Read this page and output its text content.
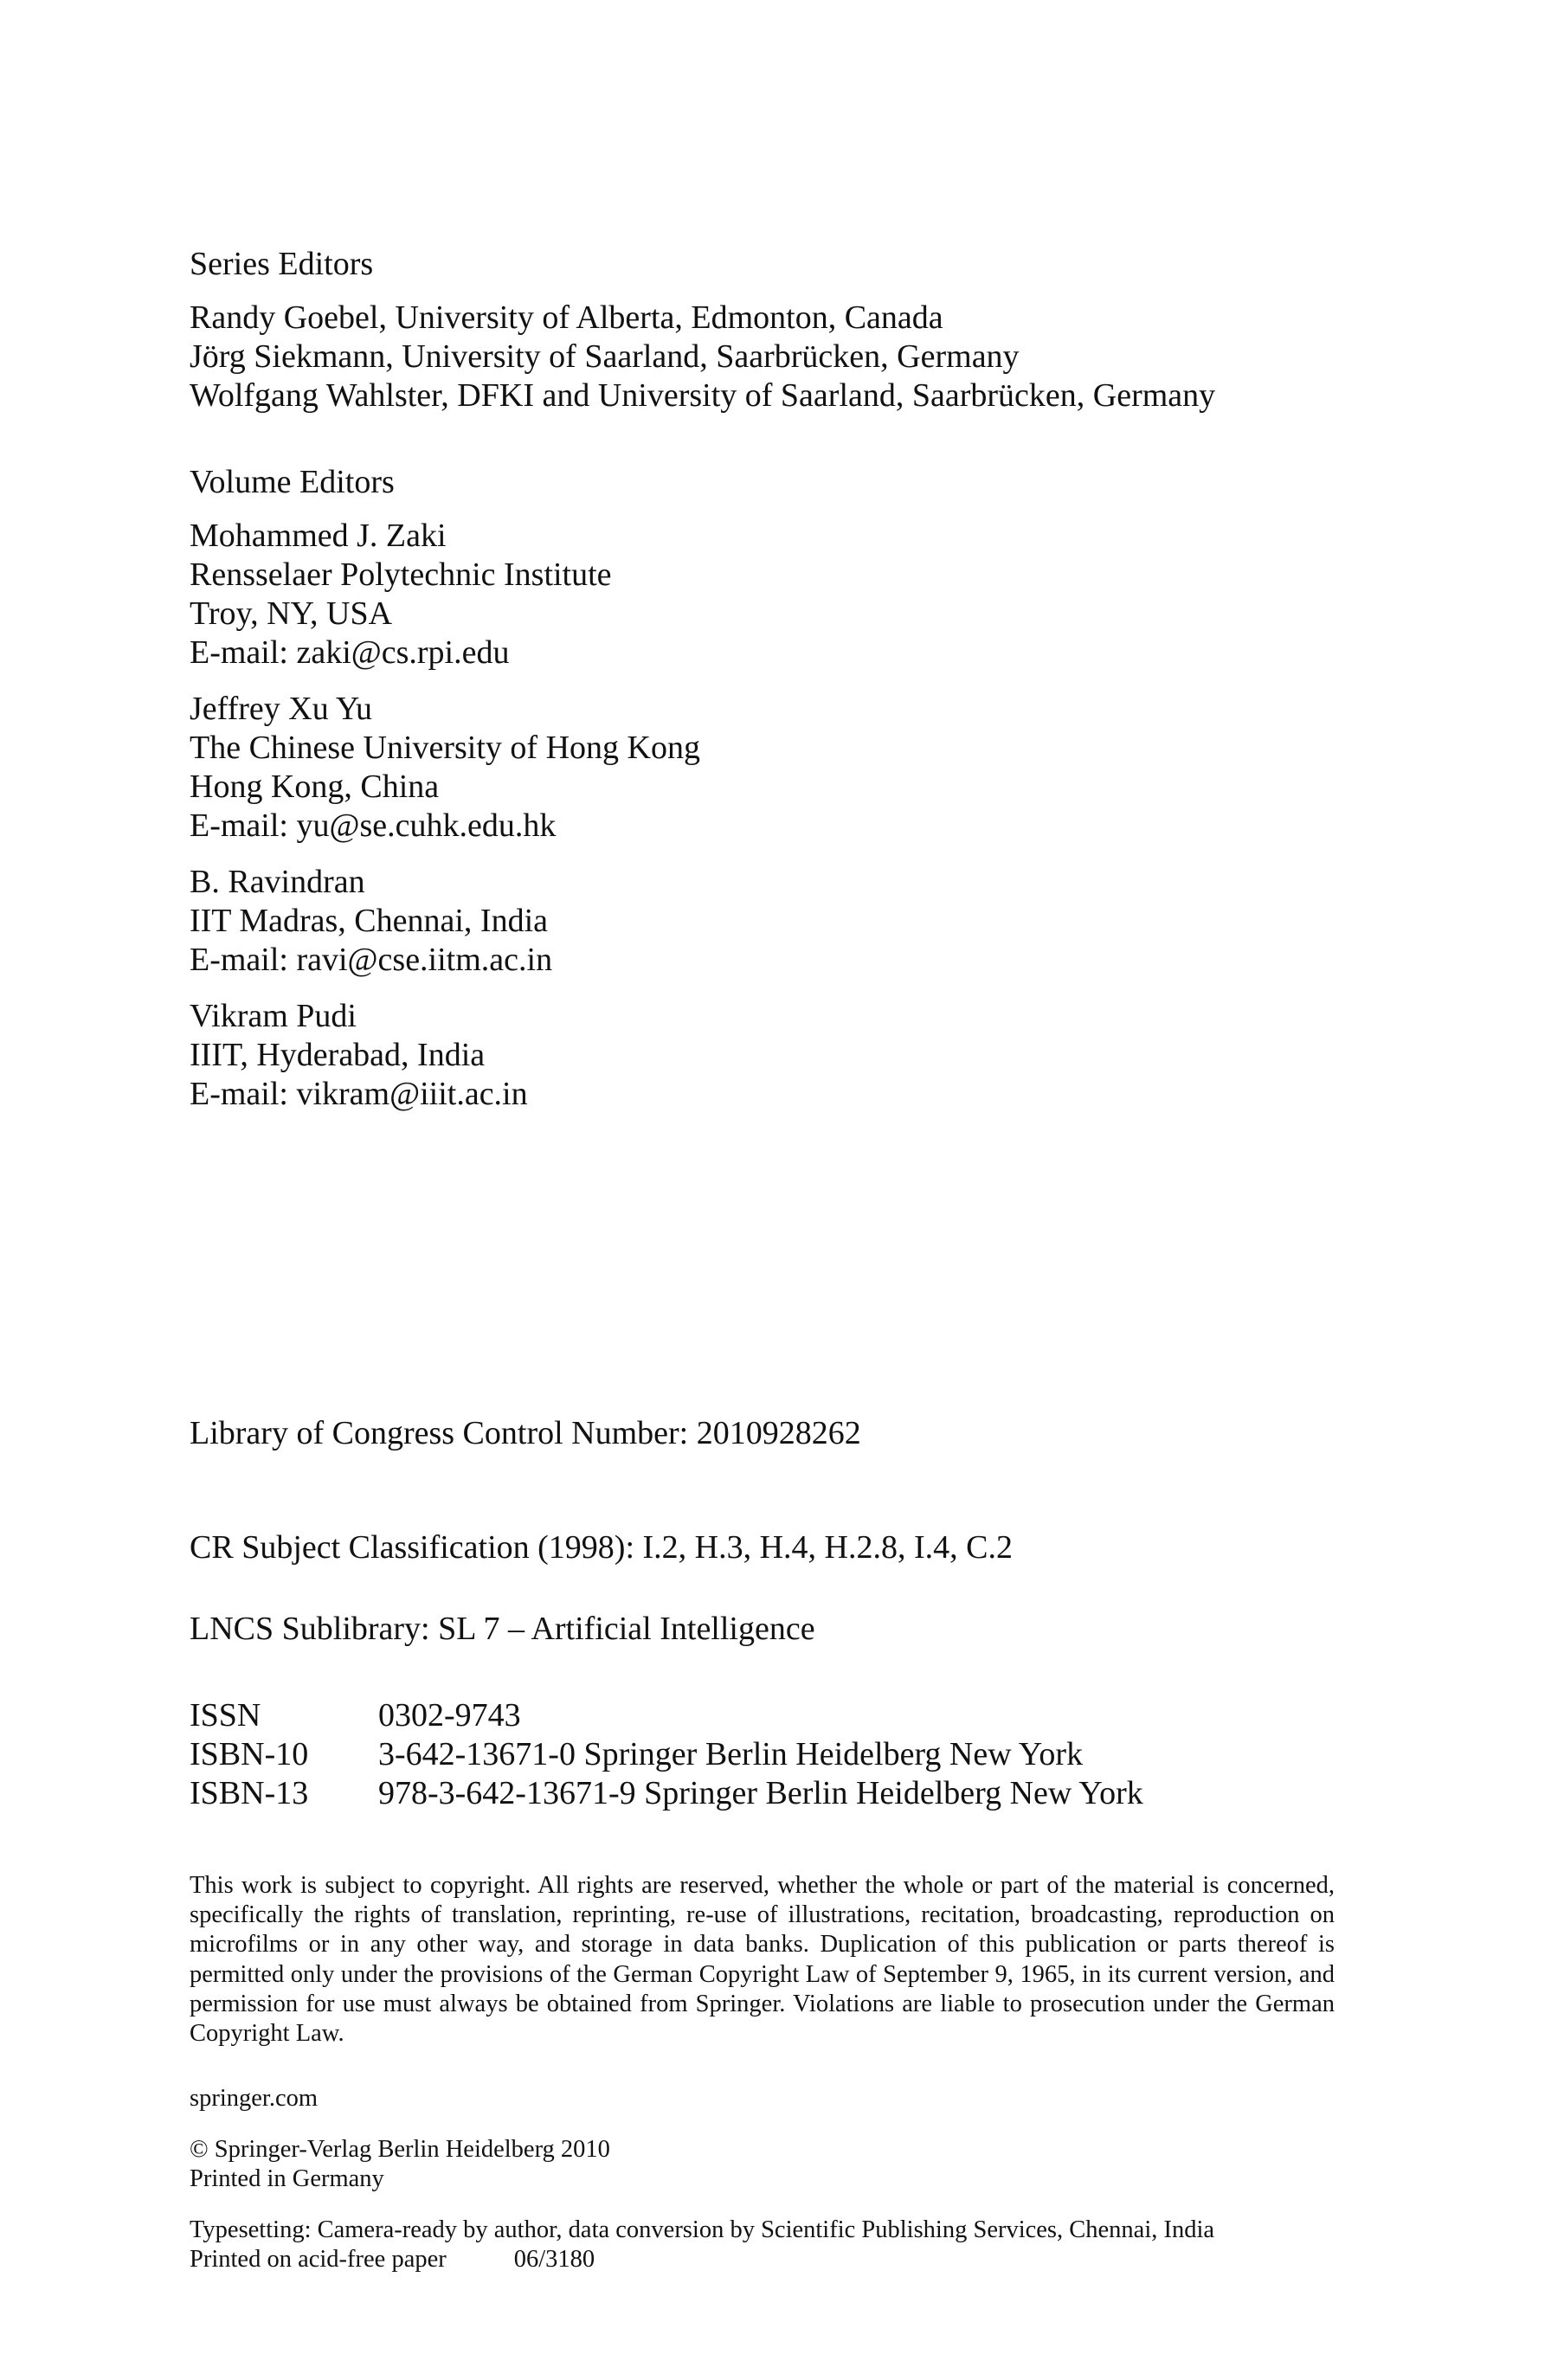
Series Editors
Randy Goebel, University of Alberta, Edmonton, Canada
Jörg Siekmann, University of Saarland, Saarbrücken, Germany
Wolfgang Wahlster, DFKI and University of Saarland, Saarbrücken, Germany
Volume Editors
Mohammed J. Zaki
Rensselaer Polytechnic Institute
Troy, NY, USA
E-mail: zaki@cs.rpi.edu
Jeffrey Xu Yu
The Chinese University of Hong Kong
Hong Kong, China
E-mail: yu@se.cuhk.edu.hk
B. Ravindran
IIT Madras, Chennai, India
E-mail: ravi@cse.iitm.ac.in
Vikram Pudi
IIIT, Hyderabad, India
E-mail: vikram@iiit.ac.in
Library of Congress Control Number: 2010928262
CR Subject Classification (1998): I.2, H.3, H.4, H.2.8, I.4, C.2
LNCS Sublibrary: SL 7 – Artificial Intelligence
ISSN	0302-9743
ISBN-10	3-642-13671-0 Springer Berlin Heidelberg New York
ISBN-13	978-3-642-13671-9 Springer Berlin Heidelberg New York
This work is subject to copyright. All rights are reserved, whether the whole or part of the material is concerned, specifically the rights of translation, reprinting, re-use of illustrations, recitation, broadcasting, reproduction on microfilms or in any other way, and storage in data banks. Duplication of this publication or parts thereof is permitted only under the provisions of the German Copyright Law of September 9, 1965, in its current version, and permission for use must always be obtained from Springer. Violations are liable to prosecution under the German Copyright Law.
springer.com
© Springer-Verlag Berlin Heidelberg 2010
Printed in Germany
Typesetting: Camera-ready by author, data conversion by Scientific Publishing Services, Chennai, India
Printed on acid-free paper	06/3180
